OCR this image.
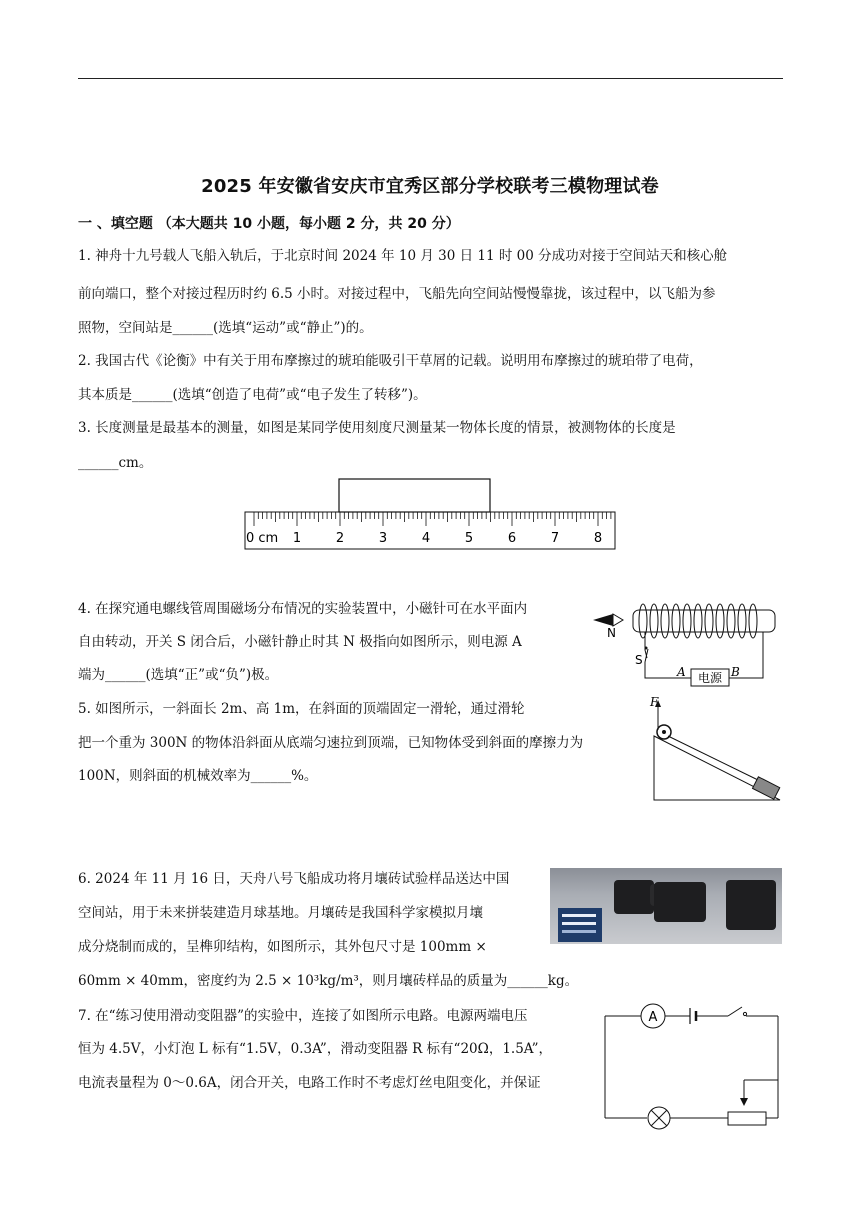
2025 年安徽省安庆市宜秀区部分学校联考三模物理试卷
一 、填空题 （本大题共 10 小题，每小题 2 分，共 20 分）
1. 神舟十九号载人飞船入轨后，于北京时间 2024 年 10 月 30 日 11 时 00 分成功对接于空间站天和核心舱
前向端口，整个对接过程历时约 6.5 小时。对接过程中，飞船先向空间站慢慢靠拢，该过程中，以飞船为参
照物，空间站是______(选填“运动”或“静止”)的。
2. 我国古代《论衡》中有关于用布摩擦过的琥珀能吸引干草屑的记载。说明用布摩擦过的琥珀带了电荷，
其本质是______(选填“创造了电荷”或“电子发生了转移”)。
3. 长度测量是最基本的测量，如图是某同学使用刻度尺测量某一物体长度的情景，被测物体的长度是
______cm。
0 cm 1	2	3	4	5	6	7	8
4. 在探究通电螺线管周围磁场分布情况的实验装置中，小磁针可在水平面内
自由转动，开关 S 闭合后，小磁针静止时其 N 极指向如图所示，则电源 A
端为______(选填“正”或“负”)极。
N
S
电源
A	B
5. 如图所示，一斜面长 2m、高 1m，在斜面的顶端固定一滑轮，通过滑轮
把一个重为 300N 的物体沿斜面从底端匀速拉到顶端，已知物体受到斜面的摩擦力为
100N，则斜面的机械效率为______%。
F
6. 2024 年 11 月 16 日，天舟八号飞船成功将月壤砖试验样品送达中国
空间站，用于未来拼装建造月球基地。月壤砖是我国科学家模拟月壤
成分烧制而成的，呈榫卯结构，如图所示，其外包尺寸是 100mm ×
60mm × 40mm，密度约为 2.5 × 10³kg/m³，则月壤砖样品的质量为______kg。
7. 在“练习使用滑动变阻器”的实验中，连接了如图所示电路。电源两端电压
恒为 4.5V，小灯泡 L 标有“1.5V，0.3A”，滑动变阻器 R 标有“20Ω，1.5A”，
电流表量程为 0～0.6A，闭合开关，电路工作时不考虑灯丝电阻变化，并保证
A
